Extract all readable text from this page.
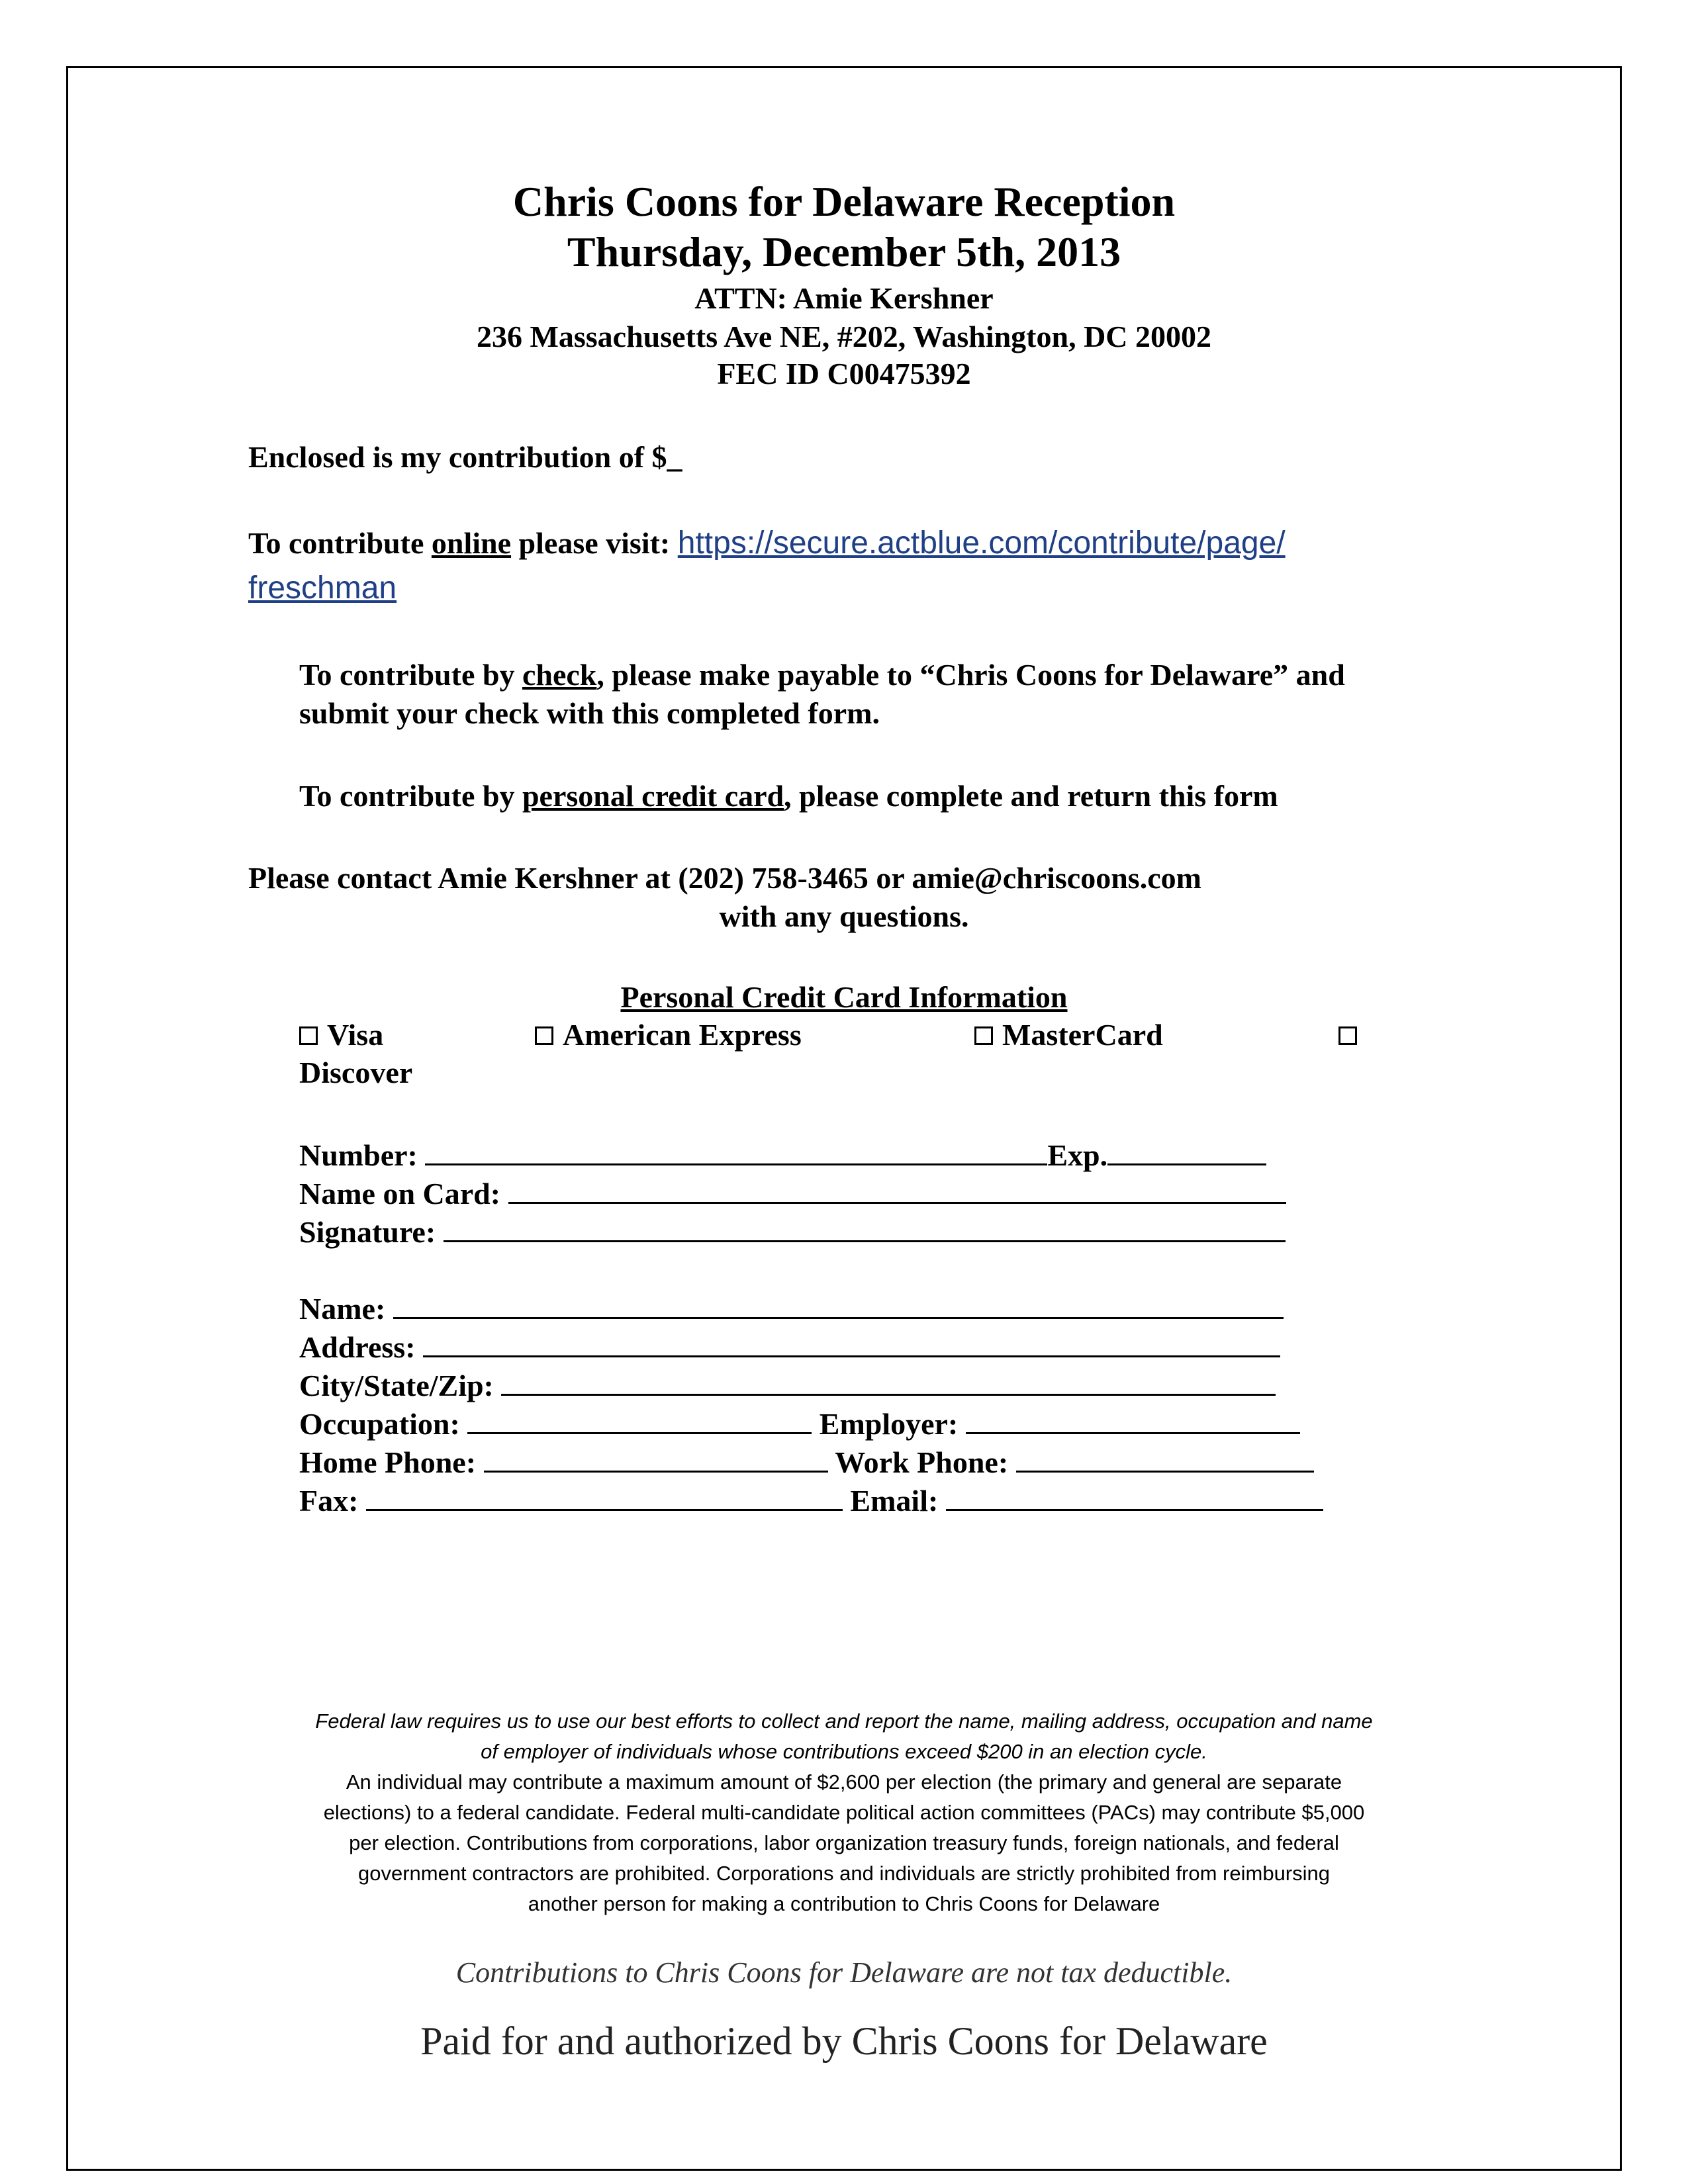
Chris Coons for Delaware Reception
Thursday, December 5th, 2013
ATTN: Amie Kershner
236 Massachusetts Ave NE, #202, Washington, DC 20002
FEC ID C00475392
Enclosed is my contribution of $_
To contribute online please visit: https://secure.actblue.com/contribute/page/
freschman
To contribute by check, please make payable to “Chris Coons for Delaware” and
submit your check with this completed form.
To contribute by personal credit card, please complete and return this form
Please contact Amie Kershner at (202) 758-3465 or amie@chriscoons.com
with any questions.
Personal Credit Card Information
Visa	American Express	MasterCard
Discover
Number:	Exp.
Name on Card:
Signature:
Name:
Address:
City/State/Zip:
Occupation:	Employer:
Home Phone:	Work Phone:
Fax:	Email:
Federal law requires us to use our best efforts to collect and report the name, mailing address, occupation and name
of employer of individuals whose contributions exceed $200 in an election cycle.
An individual may contribute a maximum amount of $2,600 per election (the primary and general are separate
elections) to a federal candidate. Federal multi-candidate political action committees (PACs) may contribute $5,000
per election. Contributions from corporations, labor organization treasury funds, foreign nationals, and federal
government contractors are prohibited. Corporations and individuals are strictly prohibited from reimbursing
another person for making a contribution to Chris Coons for Delaware
Contributions to Chris Coons for Delaware are not tax deductible.
Paid for and authorized by Chris Coons for Delaware
